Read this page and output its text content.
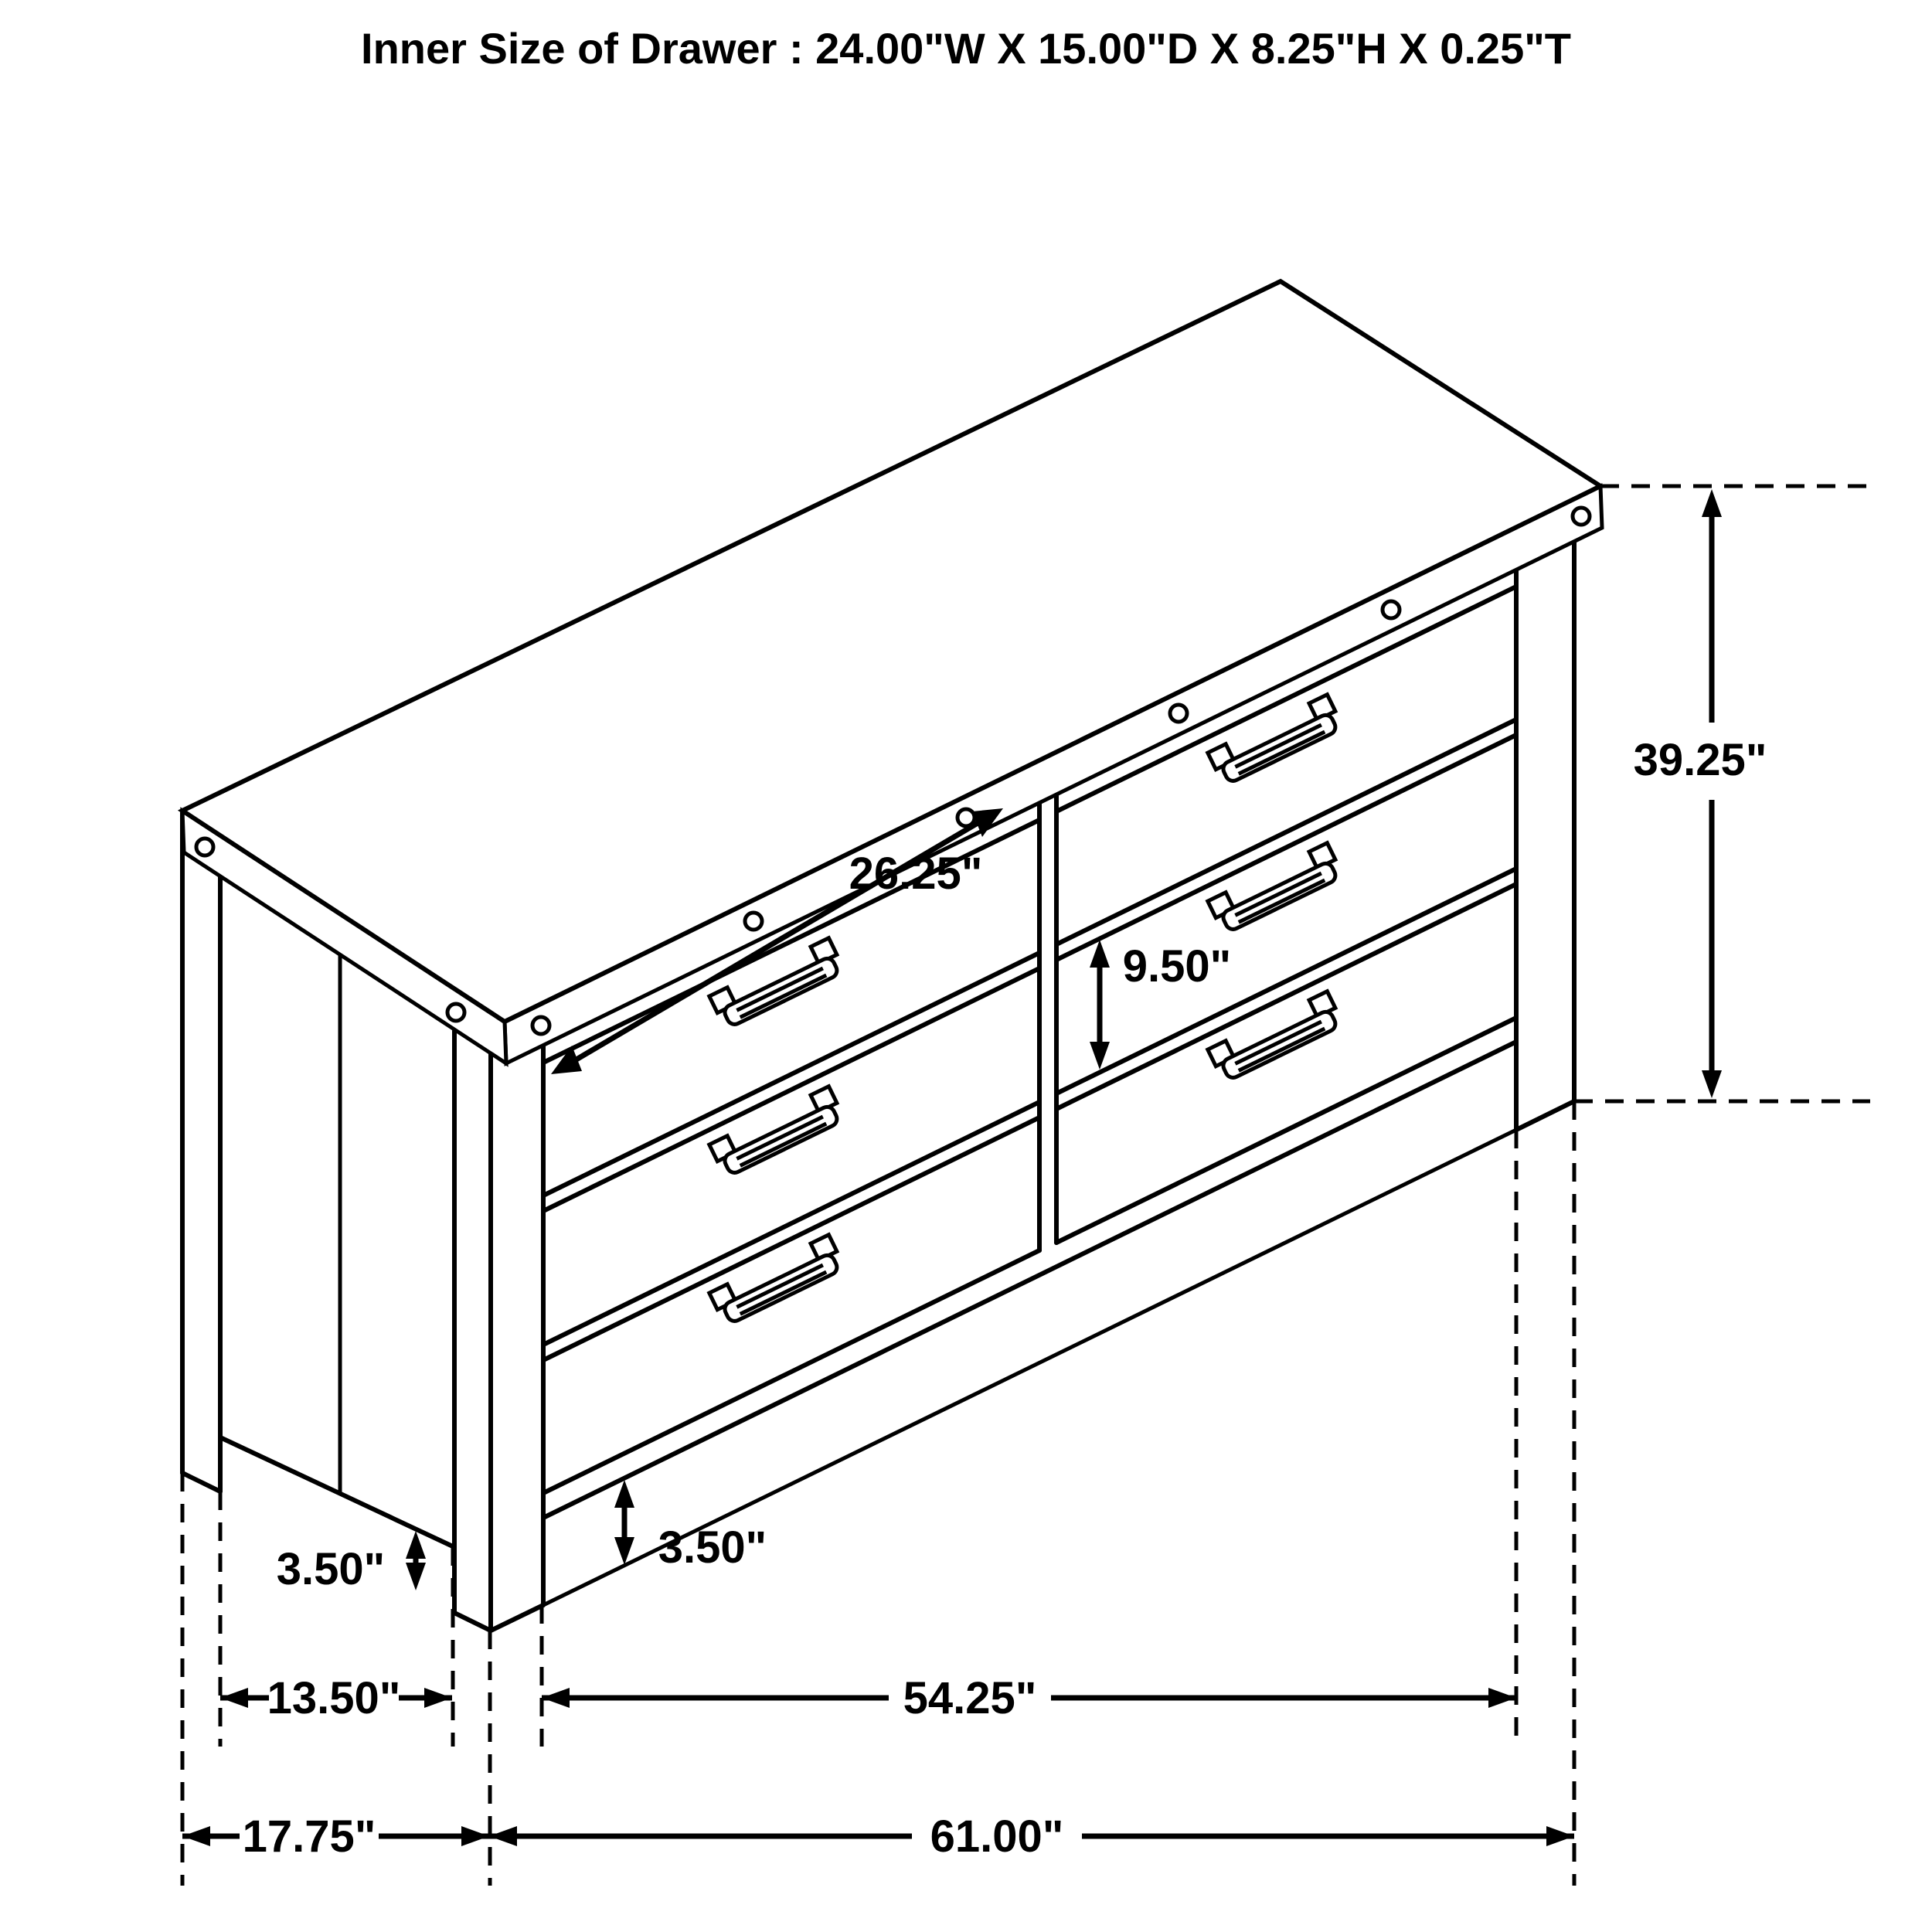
Inner Size of Drawer : 24.00"W X 15.00"D X 8.25"H X 0.25"T
39.25"
26.25"
9.50"
3.50"	3.50"
13.50"	54.25"
17.75"	61.00"
